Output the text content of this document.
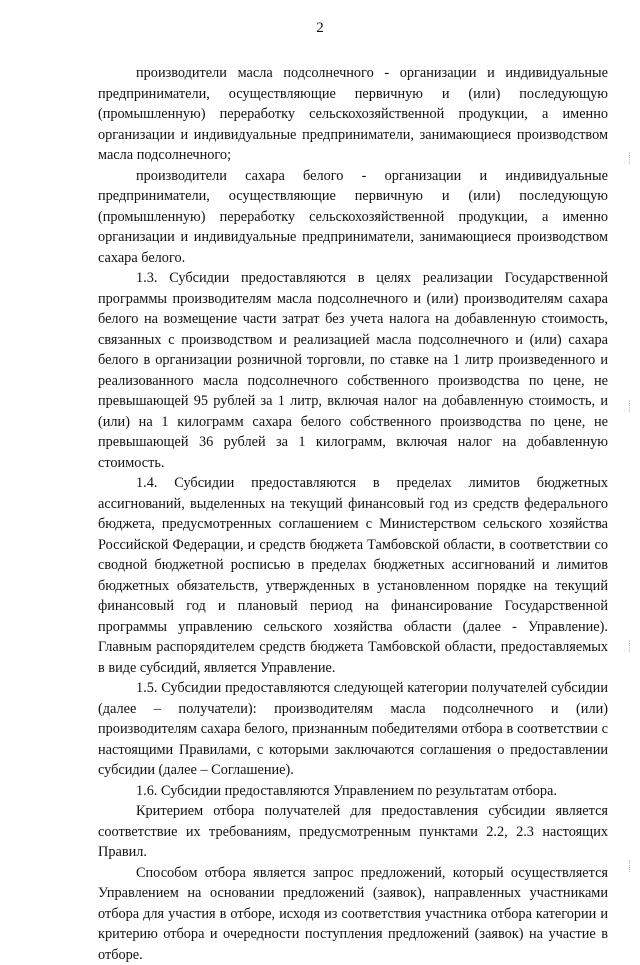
2

производители масла подсолнечного - организации и индивидуальные предприниматели, осуществляющие первичную и (или) последующую (промышленную) переработку сельскохозяйственной продукции, а именно организации и индивидуальные предприниматели, занимающиеся производством масла подсолнечного;

производители сахара белого - организации и индивидуальные предприниматели, осуществляющие первичную и (или) последующую (промышленную) переработку сельскохозяйственной продукции, а именно организации и индивидуальные предприниматели, занимающиеся производством сахара белого.

1.3. Субсидии предоставляются в целях реализации Государственной программы производителям масла подсолнечного и (или) производителям сахара белого на возмещение части затрат без учета налога на добавленную стоимость, связанных с производством и реализацией масла подсолнечного и (или) сахара белого в организации розничной торговли, по ставке на 1 литр произведенного и реализованного масла подсолнечного собственного производства по цене, не превышающей 95 рублей за 1 литр, включая налог на добавленную стоимость, и (или) на 1 килограмм сахара белого собственного производства по цене, не превышающей 36 рублей за 1 килограмм, включая налог на добавленную стоимость.

1.4. Субсидии предоставляются в пределах лимитов бюджетных ассигнований, выделенных на текущий финансовый год из средств федерального бюджета, предусмотренных соглашением с Министерством сельского хозяйства Российской Федерации, и средств бюджета Тамбовской области, в соответствии со сводной бюджетной росписью в пределах бюджетных ассигнований и лимитов бюджетных обязательств, утвержденных в установленном порядке на текущий финансовый год и плановый период на финансирование Государственной программы управлению сельского хозяйства области (далее - Управление). Главным распорядителем средств бюджета Тамбовской области, предоставляемых в виде субсидий, является Управление.

1.5. Субсидии предоставляются следующей категории получателей субсидии (далее – получатели): производителям масла подсолнечного и (или) производителям сахара белого, признанным победителями отбора в соответствии с настоящими Правилами, с которыми заключаются соглашения о предоставлении субсидии (далее – Соглашение).

1.6. Субсидии предоставляются Управлением по результатам отбора.

Критерием отбора получателей для предоставления субсидии является соответствие их требованиям, предусмотренным пунктами 2.2, 2.3 настоящих Правил.

Способом отбора является запрос предложений, который осуществляется Управлением на основании предложений (заявок), направленных участниками отбора для участия в отборе, исходя из соответствия участника отбора категории и критерию отбора и очередности поступления предложений (заявок) на участие в отборе.
